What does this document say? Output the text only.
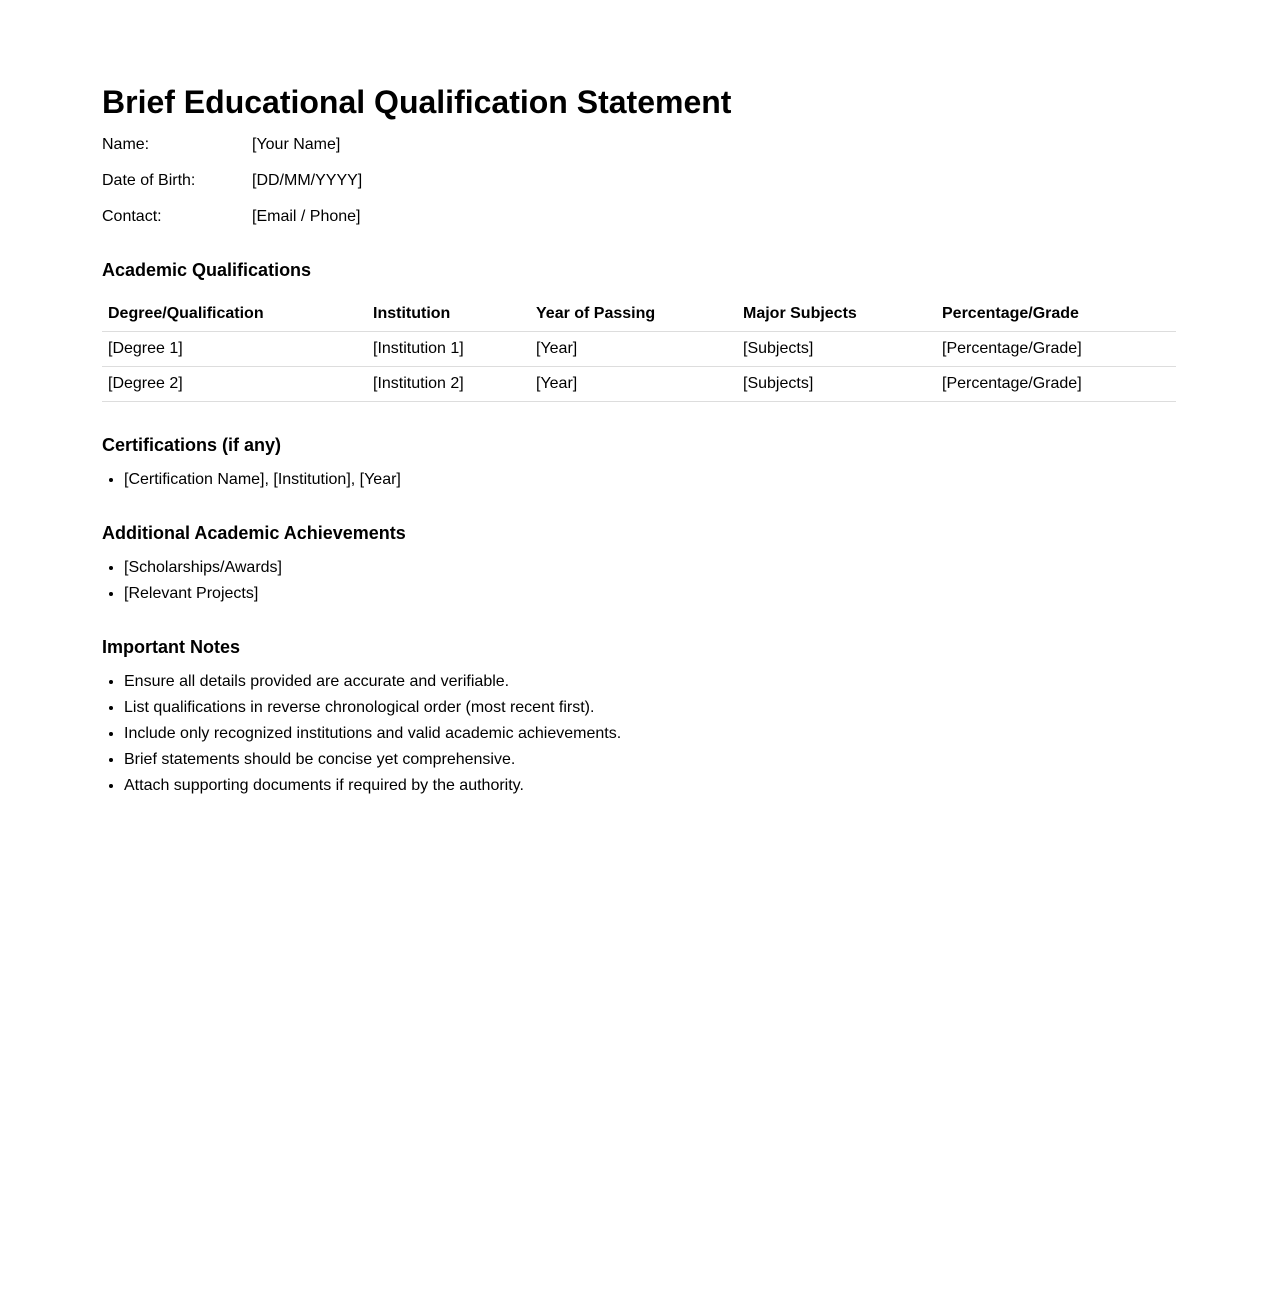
Brief Educational Qualification Statement
Name:	[Your Name]
Date of Birth:	[DD/MM/YYYY]
Contact:	[Email / Phone]
Academic Qualifications
Degree/Qualification	Institution	Year of Passing	Major Subjects	Percentage/Grade
[Degree 1]	[Institution 1]	[Year]	[Subjects]	[Percentage/Grade]
[Degree 2]	[Institution 2]	[Year]	[Subjects]	[Percentage/Grade]
Certifications (if any)
• [Certification Name], [Institution], [Year]
Additional Academic Achievements
• [Scholarships/Awards]
• [Relevant Projects]
Important Notes
• Ensure all details provided are accurate and verifiable.
• List qualifications in reverse chronological order (most recent first).
• Include only recognized institutions and valid academic achievements.
• Brief statements should be concise yet comprehensive.
• Attach supporting documents if required by the authority.
